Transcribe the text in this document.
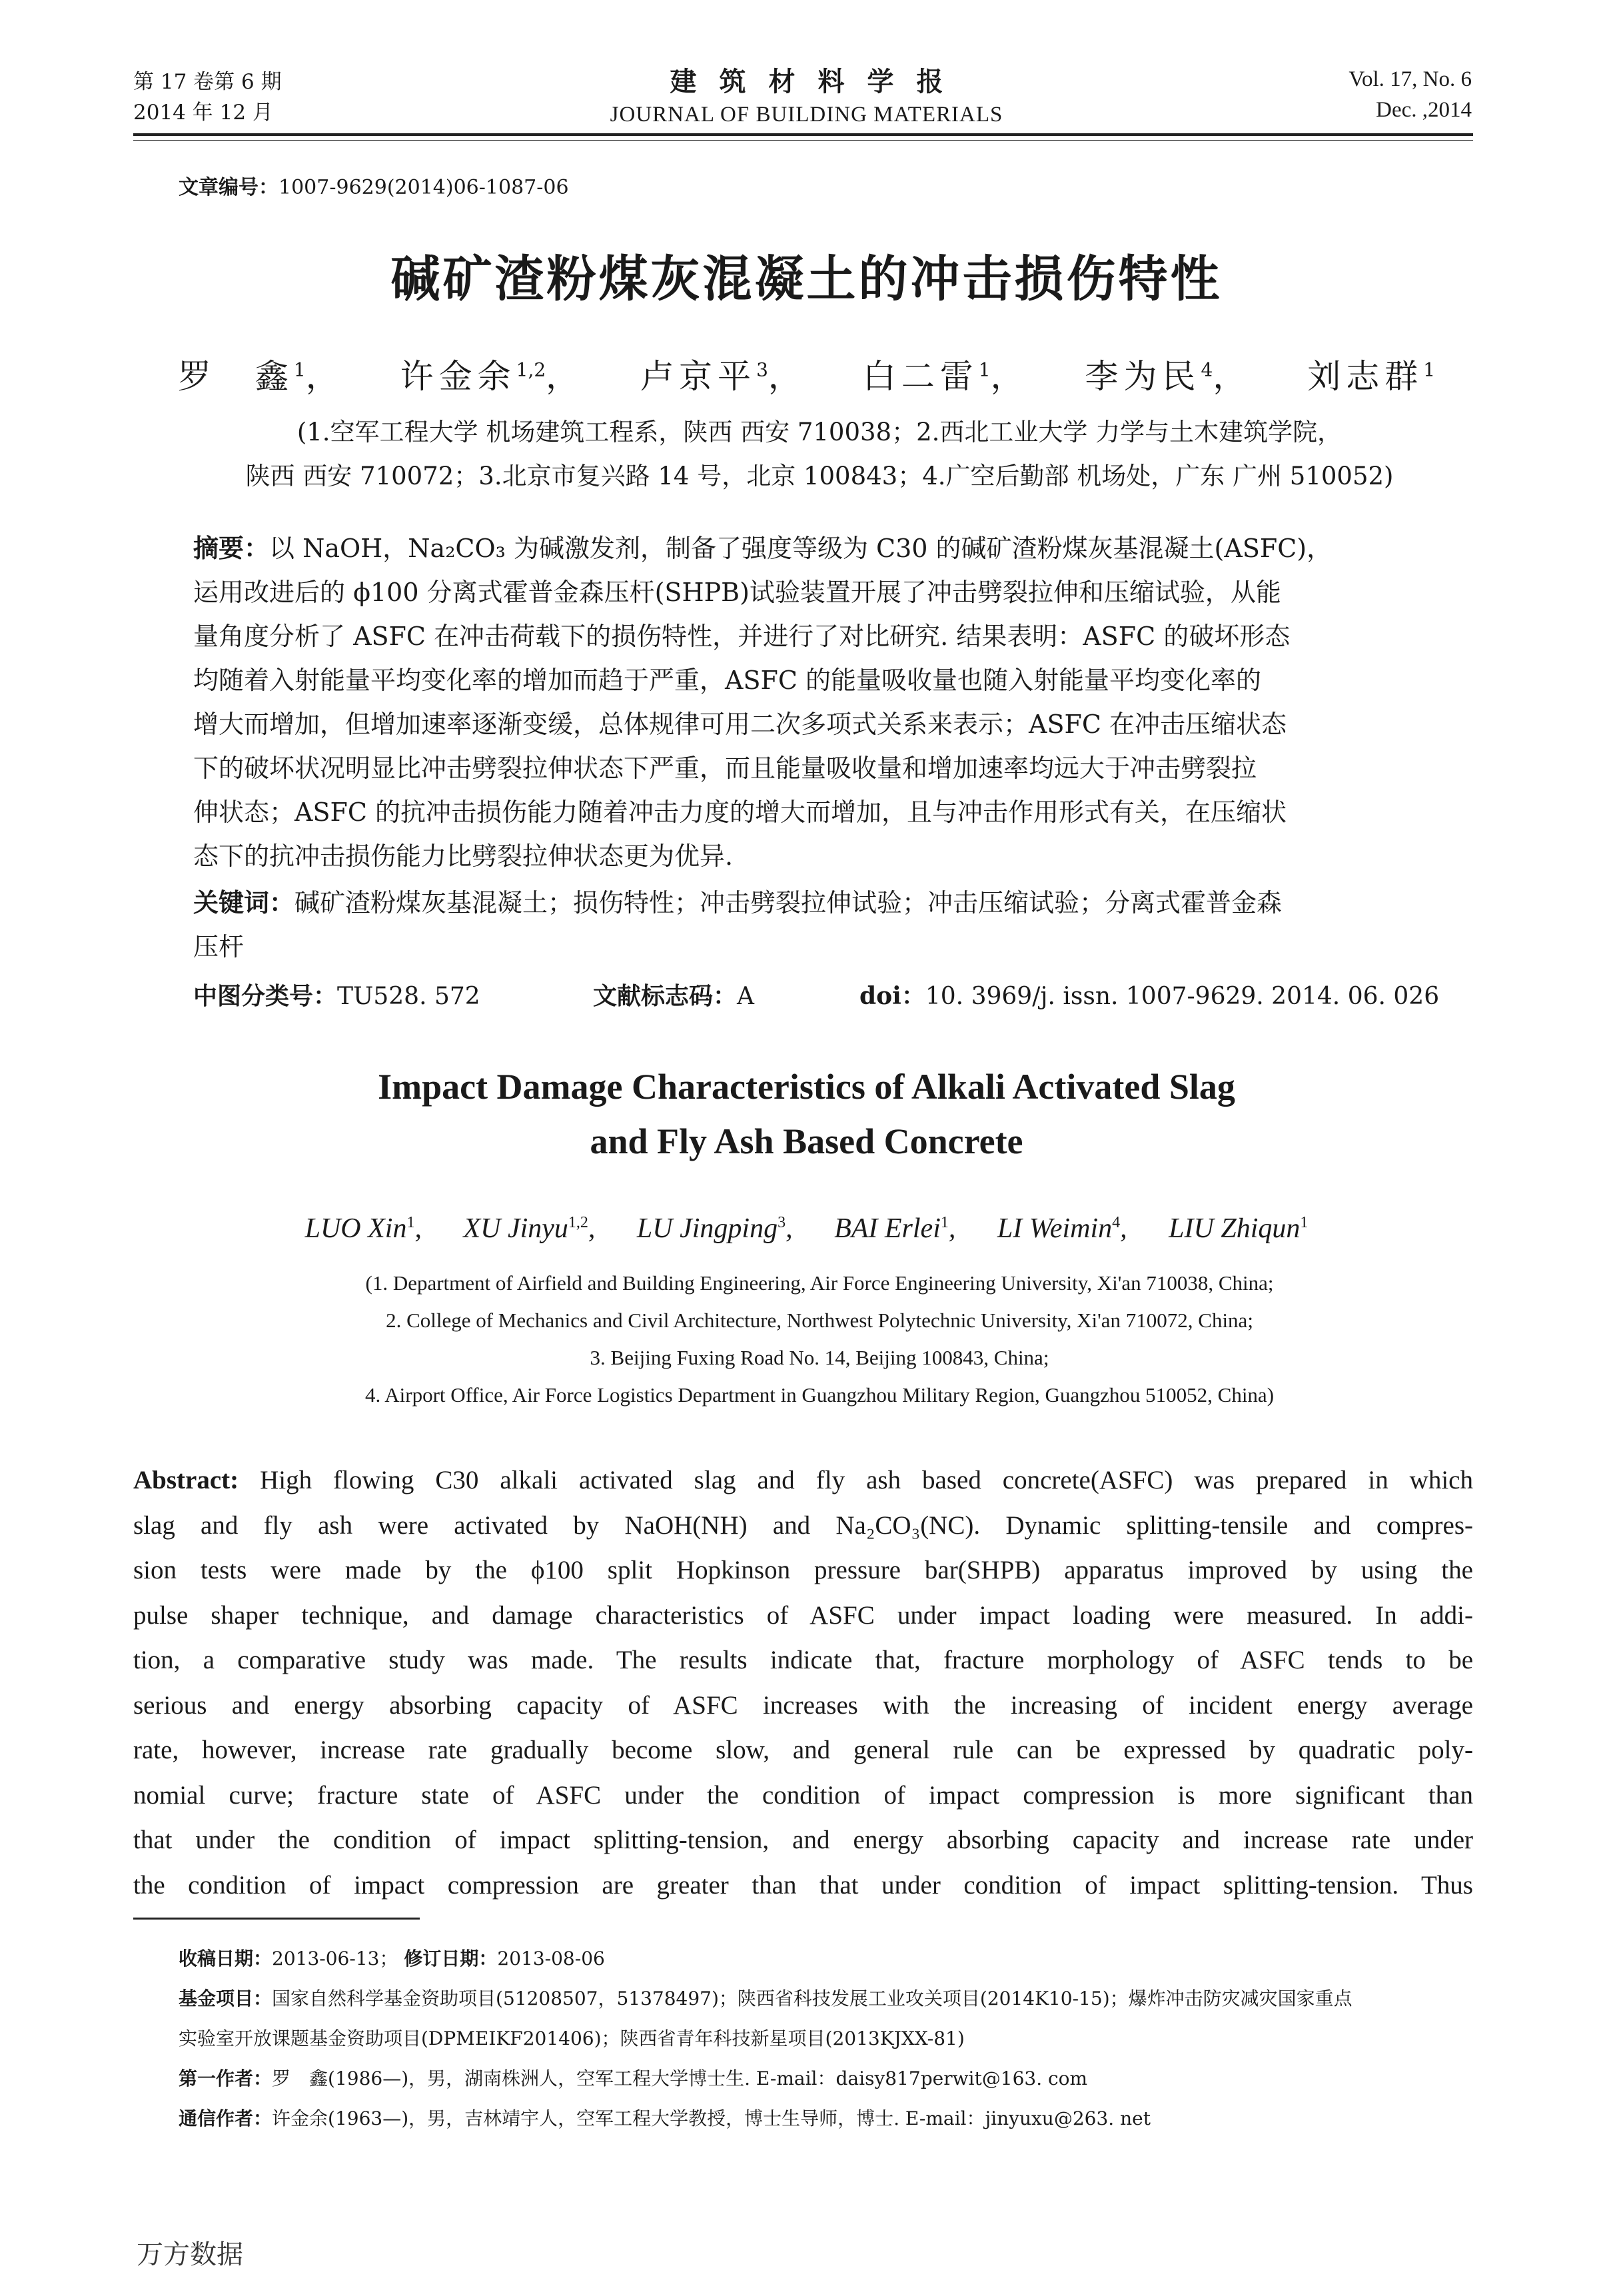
第 17 卷第 6 期
2014 年 12 月
建筑材料学报
JOURNAL OF BUILDING MATERIALS
Vol. 17, No. 6
Dec. ,2014
文章编号：1007-9629(2014)06-1087-06
碱矿渣粉煤灰混凝土的冲击损伤特性
罗　鑫$^1$， 许金余$^{1,2}$， 卢京平$^3$， 白二雷$^1$， 李为民$^4$， 刘志群$^1$
(1.空军工程大学 机场建筑工程系，陕西 西安 710038；2.西北工业大学 力学与土木建筑学院，
陕西 西安 710072；3.北京市复兴路 14 号，北京 100843；4.广空后勤部 机场处，广东 广州 510052)
摘要：以 NaOH，Na₂CO₃ 为碱激发剂，制备了强度等级为 C30 的碱矿渣粉煤灰基混凝土(ASFC)，
运用改进后的 ϕ100 分离式霍普金森压杆(SHPB)试验装置开展了冲击劈裂拉伸和压缩试验，从能
量角度分析了 ASFC 在冲击荷载下的损伤特性，并进行了对比研究. 结果表明：ASFC 的破坏形态
均随着入射能量平均变化率的增加而趋于严重，ASFC 的能量吸收量也随入射能量平均变化率的
增大而增加，但增加速率逐渐变缓，总体规律可用二次多项式关系来表示；ASFC 在冲击压缩状态
下的破坏状况明显比冲击劈裂拉伸状态下严重，而且能量吸收量和增加速率均远大于冲击劈裂拉
伸状态；ASFC 的抗冲击损伤能力随着冲击力度的增大而增加，且与冲击作用形式有关，在压缩状
态下的抗冲击损伤能力比劈裂拉伸状态更为优异.
关键词：碱矿渣粉煤灰基混凝土；损伤特性；冲击劈裂拉伸试验；冲击压缩试验；分离式霍普金森
压杆
中图分类号：TU528. 572	文献标志码：A	doi：10. 3969/j. issn. 1007-9629. 2014. 06. 026
Impact Damage Characteristics of Alkali Activated Slag
and Fly Ash Based Concrete
LUO Xin$^1$, XU Jinyu$^{1,2}$, LU Jingping$^3$, BAI Erlei$^1$, LI Weimin$^4$, LIU Zhiqun$^1$
(1. Department of Airfield and Building Engineering, Air Force Engineering University, Xi'an 710038, China;
2. College of Mechanics and Civil Architecture, Northwest Polytechnic University, Xi'an 710072, China;
3. Beijing Fuxing Road No. 14, Beijing 100843, China;
4. Airport Office, Air Force Logistics Department in Guangzhou Military Region, Guangzhou 510052, China)
Abstract: High flowing C30 alkali activated slag and fly ash based concrete(ASFC) was prepared in which
slag and fly ash were activated by NaOH(NH) and Na₂CO₃(NC). Dynamic splitting-tensile and compres-
sion tests were made by the ϕ100 split Hopkinson pressure bar(SHPB) apparatus improved by using the
pulse shaper technique, and damage characteristics of ASFC under impact loading were measured. In addi-
tion, a comparative study was made. The results indicate that, fracture morphology of ASFC tends to be
serious and energy absorbing capacity of ASFC increases with the increasing of incident energy average
rate, however, increase rate gradually become slow, and general rule can be expressed by quadratic poly-
nomial curve; fracture state of ASFC under the condition of impact compression is more significant than
that under the condition of impact splitting-tension, and energy absorbing capacity and increase rate under
the condition of impact compression are greater than that under condition of impact splitting-tension. Thus
收稿日期：2013-06-13； 修订日期：2013-08-06
基金项目：国家自然科学基金资助项目(51208507，51378497)；陕西省科技发展工业攻关项目(2014K10-15)；爆炸冲击防灾减灾国家重点
实验室开放课题基金资助项目(DPMEIKF201406)；陕西省青年科技新星项目(2013KJXX-81)
第一作者：罗　鑫(1986—)，男，湖南株洲人，空军工程大学博士生. E-mail：daisy817perwit@163. com
通信作者：许金余(1963—)，男，吉林靖宇人，空军工程大学教授，博士生导师，博士. E-mail：jinyuxu@263. net
万方数据
